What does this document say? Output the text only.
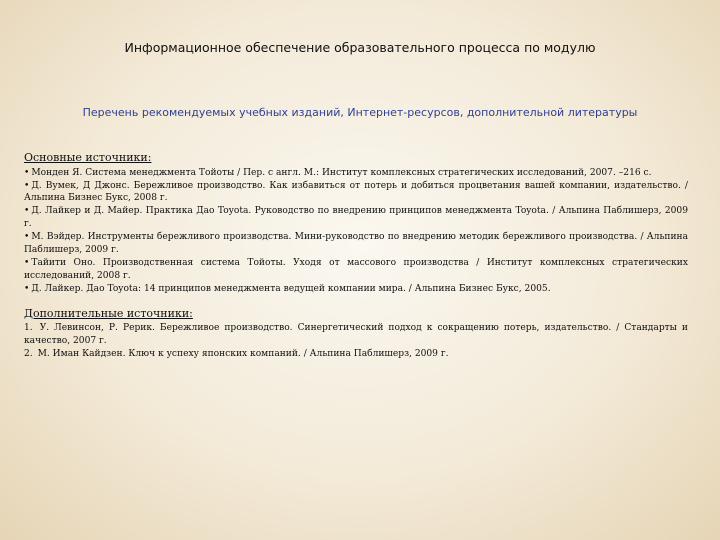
Информационное обеспечение образовательного процесса по модулю
Перечень рекомендуемых учебных изданий, Интернет-ресурсов, дополнительной литературы
Основные источники:

• Монден Я. Система менеджмента Тойоты / Пер. с англ. М.: Институт комплексных стратегических исследований, 2007. –216 с.

• Д. Вумек, Д Джонс. Бережливое производство. Как избавиться от потерь и добиться процветания вашей компании, издательство. / Альпина Бизнес Букс, 2008 г.

• Д. Лайкер и Д. Майер. Практика Дао Toyota. Руководство по внедрению принципов менеджмента Toyota. / Альпина Паблишерз, 2009 г.

• М. Вэйдер. Инструменты бережливого производства. Мини-руководство по внедрению методик бережливого производства. / Альпина Паблишерз, 2009 г.

• Тайити Оно. Производственная система Тойоты. Уходя от массового производства / Институт комплексных стратегических исследований, 2008 г.

• Д. Лайкер. Дао Toyota: 14 принципов менеджмента ведущей компании мира. / Альпина Бизнес Букс, 2005.

Дополнительные источники:

1. У. Левинсон, Р. Рерик. Бережливое производство. Синергетический подход к сокращению потерь, издательство. / Стандарты и качество, 2007 г.

2. М. Иман Кайдзен. Ключ к успеху японских компаний. / Альпина Паблишерз, 2009 г.
